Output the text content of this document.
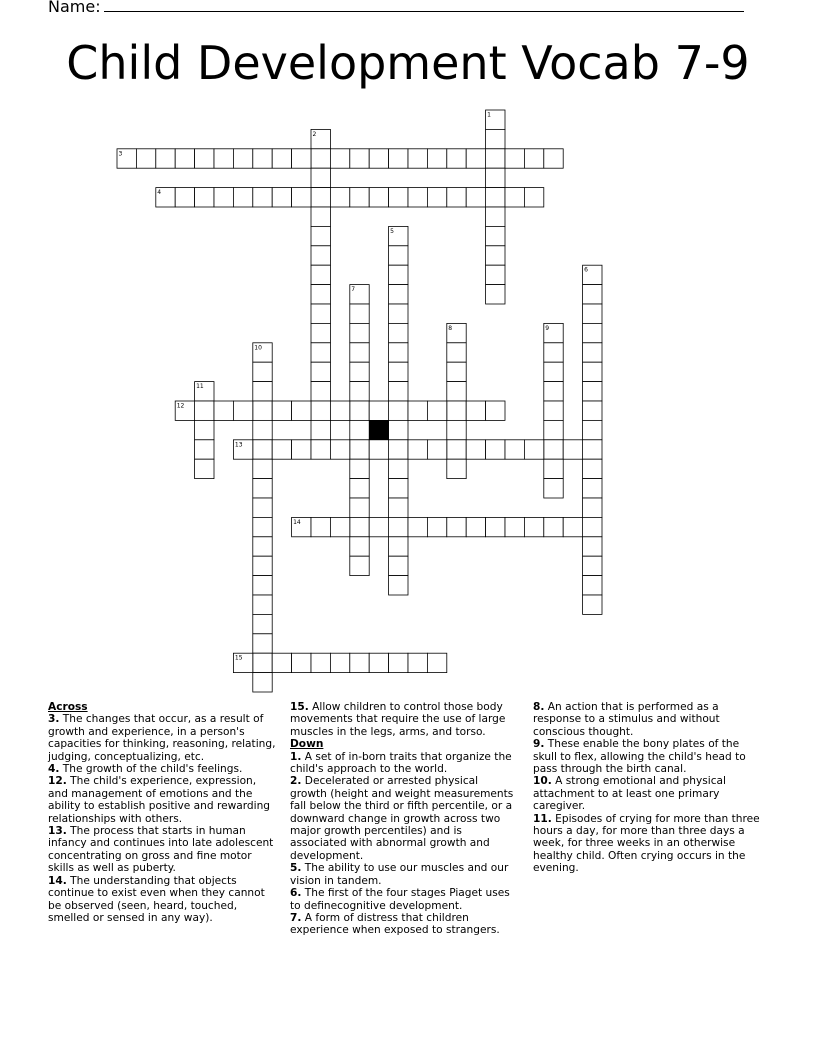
Name:
Child Development Vocab 7-9
1
2
3
4
5
6
7
8	9
10
11
12
13
14
15
Across

3. The changes that occur, as a result of growth and experience, in a person's capacities for thinking, reasoning, relating, judging, conceptualizing, etc.

4. The growth of the child's feelings.

12. The child's experience, expression, and management of emotions and the ability to establish positive and rewarding relationships with others.

13. The process that starts in human infancy and continues into late adolescent concentrating on gross and fine motor skills as well as puberty.

14. The understanding that objects continue to exist even when they cannot be observed (seen, heard, touched, smelled or sensed in any way).

15. Allow children to control those body movements that require the use of large muscles in the legs, arms, and torso.

Down

1. A set of in-born traits that organize the child's approach to the world.

2. Decelerated or arrested physical growth (height and weight measurements fall below the third or fifth percentile, or a downward change in growth across two major growth percentiles) and is associated with abnormal growth and development.

5. The ability to use our muscles and our vision in tandem.

6. The first of the four stages Piaget uses to definecognitive development.

7. A form of distress that children experience when exposed to strangers.

8. An action that is performed as a response to a stimulus and without conscious thought.

9. These enable the bony plates of the skull to flex, allowing the child's head to pass through the birth canal.

10. A strong emotional and physical attachment to at least one primary caregiver.

11. Episodes of crying for more than three hours a day, for more than three days a week, for three weeks in an otherwise healthy child. Often crying occurs in the evening.
